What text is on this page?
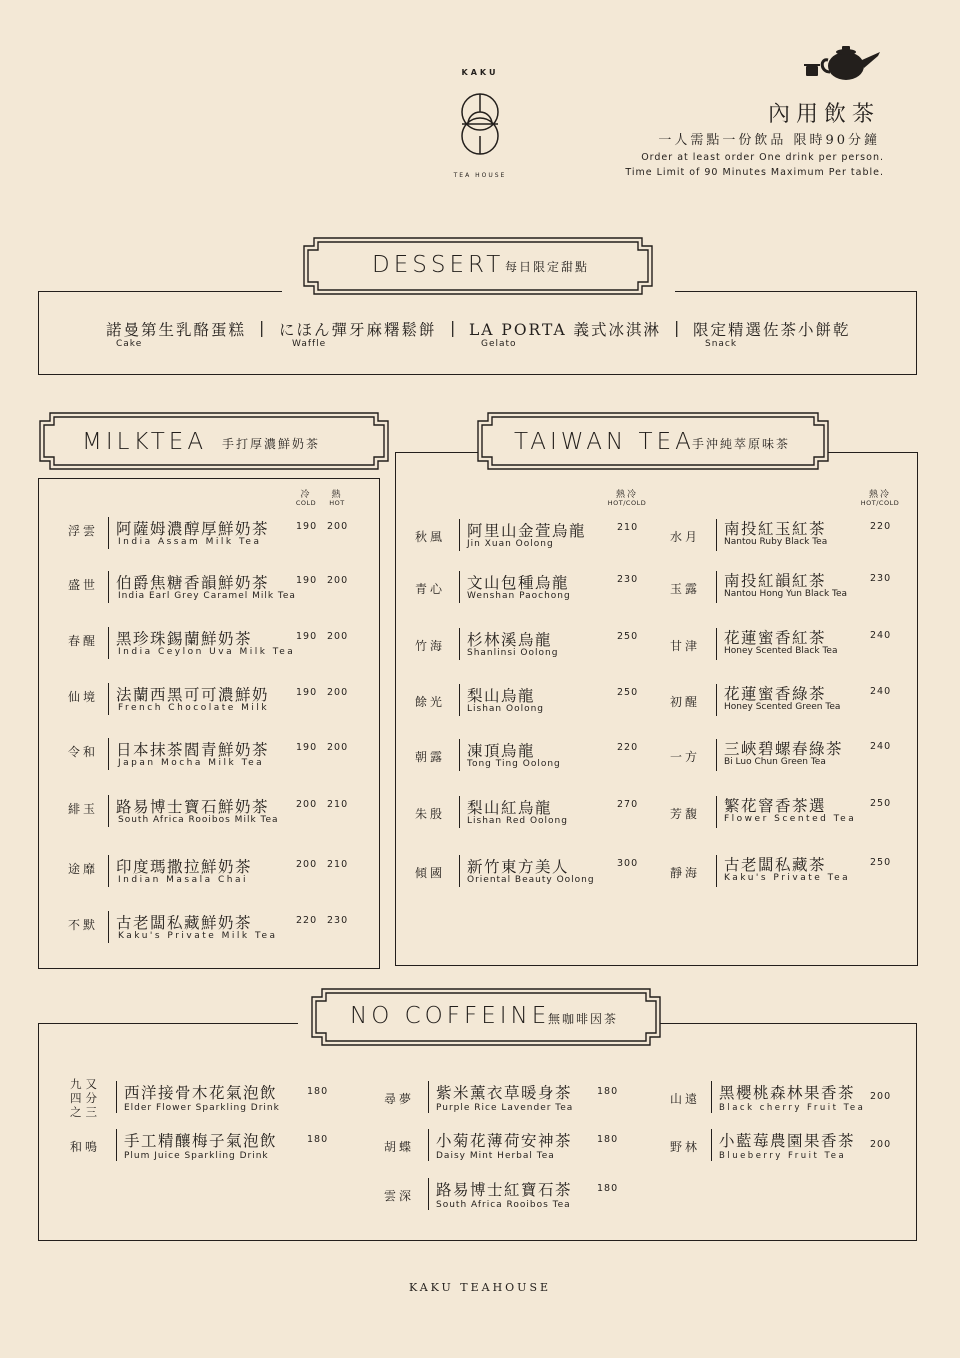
KAKU
TEA HOUSE
內用飲茶
一人需點一份飲品 限時90分鐘
Order at least order One drink per person.
Time Limit of 90 Minutes Maximum Per table.
DESSERT 每日限定甜點
諾曼第生乳酪蛋糕
Cake
| にほん彈牙麻糬鬆餅
Waffle
| LA PORTA 義式冰淇淋
Gelato
| 限定精選佐茶小餅乾
Snack
MILKTEA 手打厚濃鮮奶茶
冷	熱
COLD	HOT
浮雲 阿薩姆濃醇厚鮮奶茶
India Assam Milk Tea
190 200
盛世 伯爵焦糖香韻鮮奶茶
India Earl Grey Caramel Milk Tea
190 200
春醒 黑珍珠錫蘭鮮奶茶
India Ceylon Uva Milk Tea
190 200
仙境 法蘭西黑可可濃鮮奶
French Chocolate Milk
190 200
令和 日本抹茶閻青鮮奶茶
Japan Mocha Milk Tea
190 200
緋玉 路易博士寶石鮮奶茶
South Africa Rooibos Milk Tea
200 210
途靡 印度瑪撒拉鮮奶茶
Indian Masala Chai
200 210
不默 古老闆私藏鮮奶茶
Kaku's Private Milk Tea
220 230
TAIWAN TEA
手沖純萃原味茶
熱冷
HOT/COLD
熱冷
HOT/COLD
秋風 阿里山金萱烏龍
Jin Xuan Oolong
210
青心 文山包種烏龍
Wenshan Paochong
230
竹海 杉林溪烏龍
Shanlinsi Oolong
250
餘光 梨山烏龍
Lishan Oolong
250
朝露 凍頂烏龍
Tong Ting Oolong
220
朱殷 梨山紅烏龍
Lishan Red Oolong
270
傾國 新竹東方美人
Oriental Beauty Oolong
300
水月 南投紅玉紅茶
Nantou Ruby Black Tea
220
玉露 南投紅韻紅茶
Nantou Hong Yun Black Tea
230
甘津 花蓮蜜香紅茶
Honey Scented Black Tea
240
初醒 花蓮蜜香綠茶
Honey Scented Green Tea
240
一方 三峽碧螺春綠茶
Bi Luo Chun Green Tea
240
芳馥 繁花窨香茶選
Flower Scented Tea
250
靜海 古老闆私藏茶
Kaku's Private Tea
250
NO COFFEINE
無咖啡因茶
九又
四分
之三
西洋接骨木花氣泡飲
Elder Flower Sparkling Drink
180
和鳴 手工精釀梅子氣泡飲
Plum Juice Sparkling Drink
180
尋夢 紫米薰衣草暖身茶
Purple Rice Lavender Tea
180
胡蝶 小菊花薄荷安神茶
Daisy Mint Herbal Tea
180
雲深 路易博士紅寶石茶
South Africa Rooibos Tea
180
山遠 黑櫻桃森林果香茶
Black cherry Fruit Tea
200
野林 小藍莓農園果香茶
Blueberry Fruit Tea
200
KAKU TEAHOUSE
